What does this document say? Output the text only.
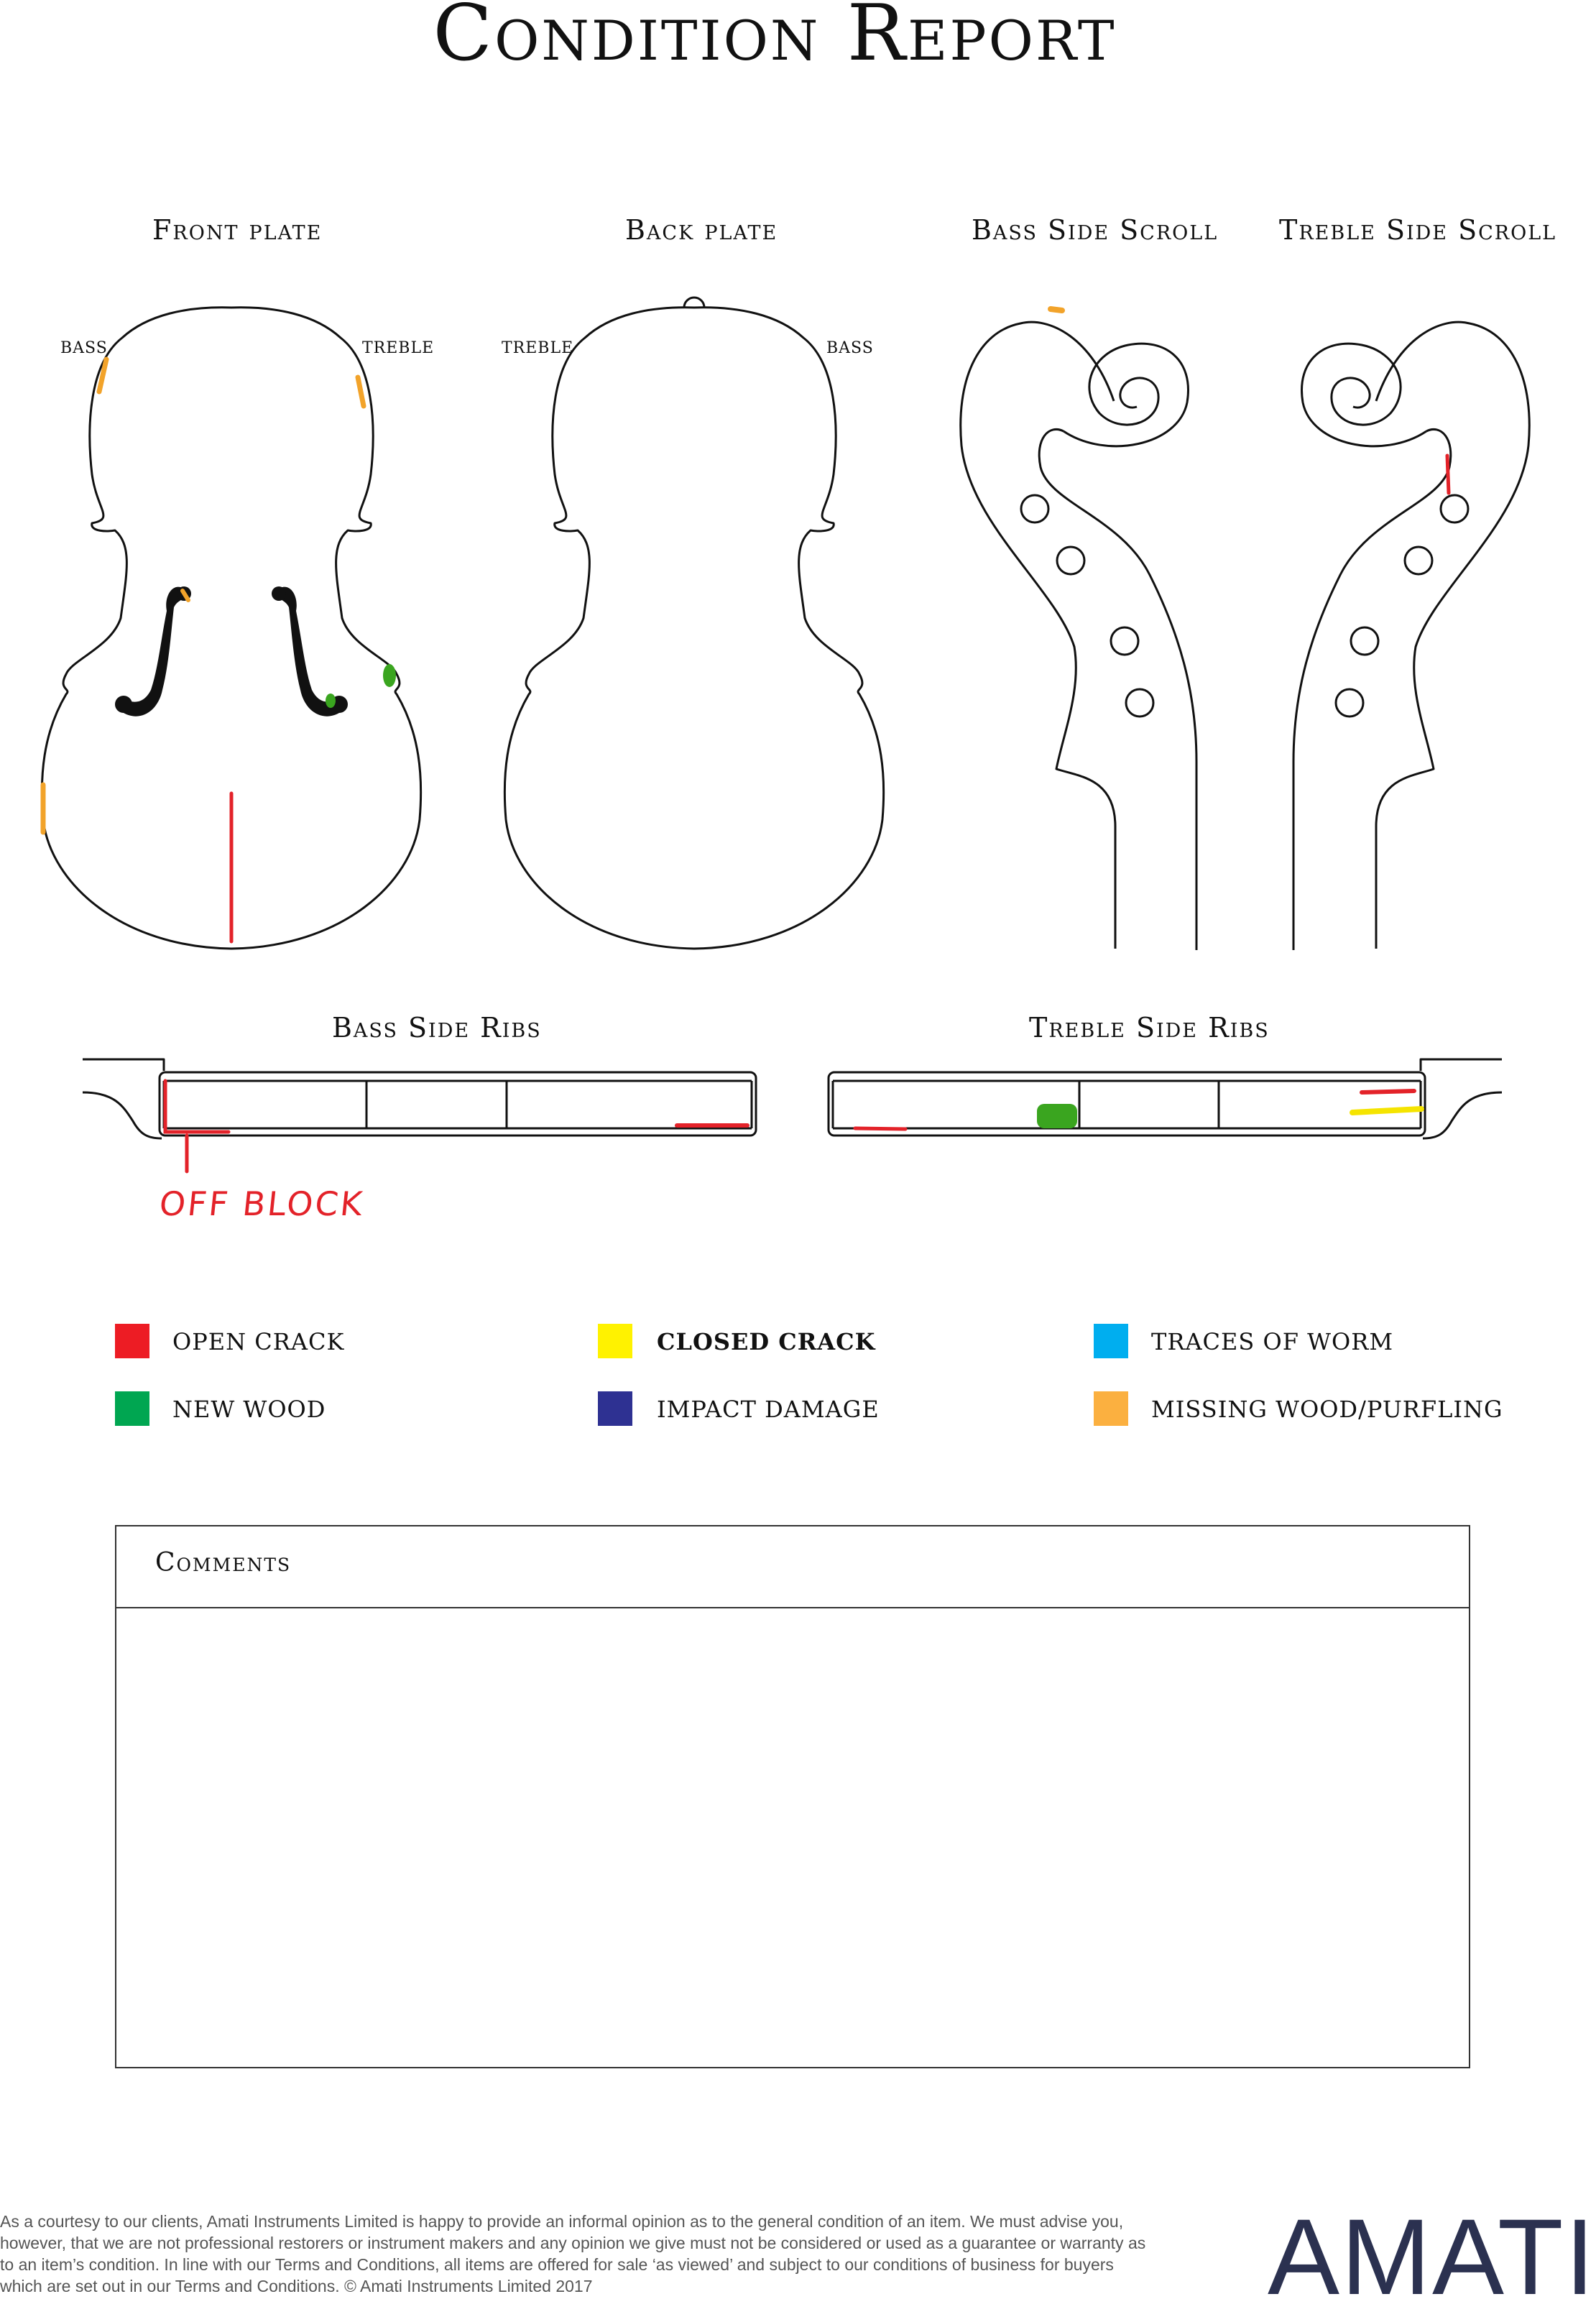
Condition Report
Front plate	Back plate	Bass Side Scroll Treble Side Scroll
Bass Side Ribs	Treble Side Ribs
BASS	TREBLE	TREBLE	BASS
OFF BLOCK
OPEN CRACK	CLOSED CRACK	TRACES OF WORM
NEW WOOD	IMPACT DAMAGE	MISSING WOOD/PURFLING
Comments
As a courtesy to our clients, Amati Instruments Limited is happy to provide an informal opinion as to the general condition of an item. We must advise you, however, that we are not professional restorers or instrument makers and any opinion we give must not be considered or used as a guarantee or warranty as to an item’s condition. In line with our Terms and Conditions, all items are offered for sale ‘as viewed’ and subject to our conditions of business for buyers which are set out in our Terms and Conditions. © Amati Instruments Limited 2017	AMATI
